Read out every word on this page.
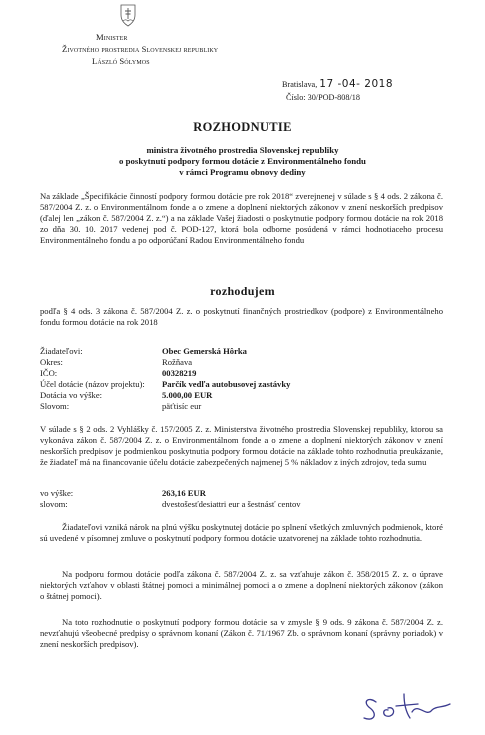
Minister
Životného prostredia Slovenskej republiky
László Sólymos
Bratislava, 17 -04- 2018
Číslo: 30/POD-808/18
ROZHODNUTIE
ministra životného prostredia Slovenskej republiky
o poskytnutí podpory formou dotácie z Environmentálneho fondu
v rámci Programu obnovy dediny
Na základe „Špecifikácie činností podpory formou dotácie pre rok 2018“ zverejnenej v súlade s § 4 ods. 2 zákona č. 587/2004 Z. z. o Environmentálnom fonde a o zmene a doplnení niektorých zákonov v znení neskorších predpisov (ďalej len „zákon č. 587/2004 Z. z.“) a na základe Vašej žiadosti o poskytnutie podpory formou dotácie na rok 2018 zo dňa 30. 10. 2017 vedenej pod č. POD-127, ktorá bola odborne posúdená v rámci hodnotiaceho procesu Environmentálneho fondu a po odporúčaní Radou Environmentálneho fondu
rozhodujem
podľa § 4 ods. 3 zákona č. 587/2004 Z. z. o poskytnutí finančných prostriedkov (podpore) z Environmentálneho fondu formou dotácie na rok 2018
Žiadateľovi:	Obec Gemerská Hôrka
Okres:	Rožňava
IČO:	00328219
Účel dotácie (názov projektu):	Parčík vedľa autobusovej zastávky
Dotácia vo výške:	5.000,00 EUR
Slovom:	päťtisíc eur
V súlade s § 2 ods. 2 Vyhlášky č. 157/2005 Z. z. Ministerstva životného prostredia Slovenskej republiky, ktorou sa vykonáva zákon č. 587/2004 Z. z. o Environmentálnom fonde a o zmene a doplnení niektorých zákonov v znení neskorších predpisov je podmienkou poskytnutia podpory formou dotácie na základe tohto rozhodnutia preukázanie, že žiadateľ má na financovanie účelu dotácie zabezpečených najmenej 5 % nákladov z iných zdrojov, teda sumu
vo výške:	263,16 EUR
slovom:	dvestošesťdesiattri eur a šestnásť centov
Žiadateľovi vzniká nárok na plnú výšku poskytnutej dotácie po splnení všetkých zmluvných podmienok, ktoré sú uvedené v písomnej zmluve o poskytnutí podpory formou dotácie uzatvorenej na základe tohto rozhodnutia.
Na podporu formou dotácie podľa zákona č. 587/2004 Z. z. sa vzťahuje zákon č. 358/2015 Z. z. o úprave niektorých vzťahov v oblasti štátnej pomoci a minimálnej pomoci a o zmene a doplnení niektorých zákonov (zákon o štátnej pomoci).
Na toto rozhodnutie o poskytnutí podpory formou dotácie sa v zmysle § 9 ods. 9 zákona č. 587/2004 Z. z. nevzťahujú všeobecné predpisy o správnom konaní (Zákon č. 71/1967 Zb. o správnom konaní (správny poriadok) v znení neskorších predpisov).
